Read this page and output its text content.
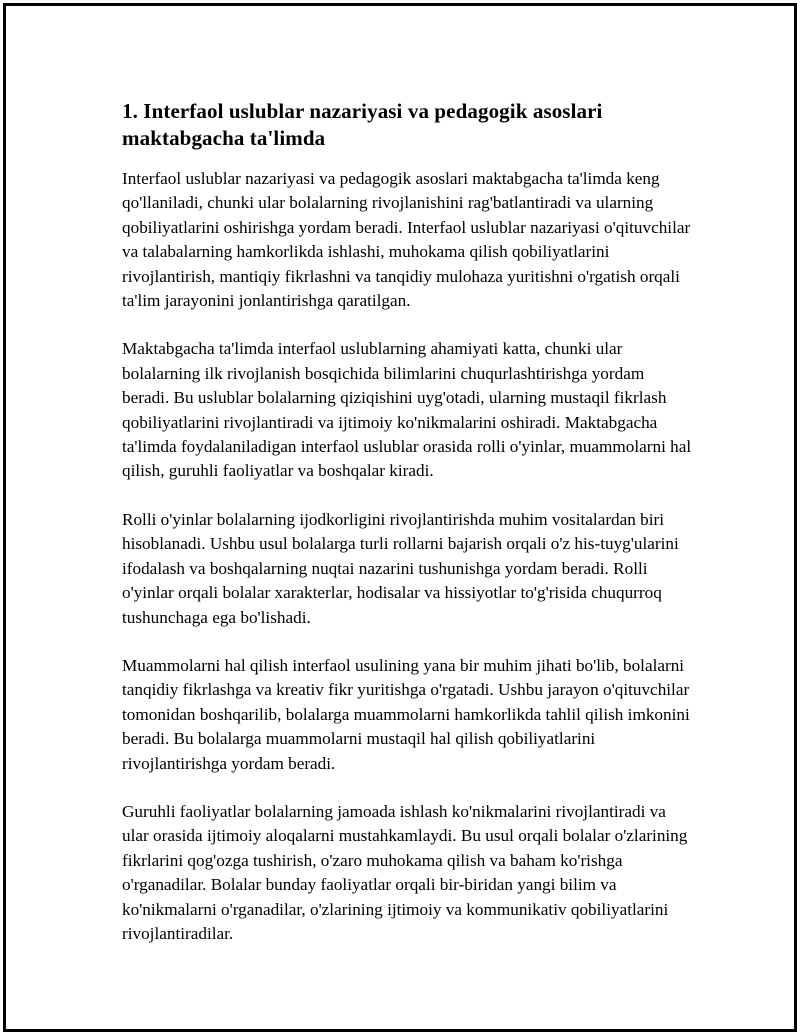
1. Interfaol uslublar nazariyasi va pedagogik asoslari maktabgacha ta'limda

Interfaol uslublar nazariyasi va pedagogik asoslari maktabgacha ta'limda keng qo'llaniladi, chunki ular bolalarning rivojlanishini rag'batlantiradi va ularning qobiliyatlarini oshirishga yordam beradi. Interfaol uslublar nazariyasi o'qituvchilar va talabalarning hamkorlikda ishlashi, muhokama qilish qobiliyatlarini rivojlantirish, mantiqiy fikrlashni va tanqidiy mulohaza yuritishni o'rgatish orqali ta'lim jarayonini jonlantirishga qaratilgan.

Maktabgacha ta'limda interfaol uslublarning ahamiyati katta, chunki ular bolalarning ilk rivojlanish bosqichida bilimlarini chuqurlashtirishga yordam beradi. Bu uslublar bolalarning qiziqishini uyg'otadi, ularning mustaqil fikrlash qobiliyatlarini rivojlantiradi va ijtimoiy ko'nikmalarini oshiradi. Maktabgacha ta'limda foydalaniladigan interfaol uslublar orasida rolli o'yinlar, muammolarni hal qilish, guruhli faoliyatlar va boshqalar kiradi.

Rolli o'yinlar bolalarning ijodkorligini rivojlantirishda muhim vositalardan biri hisoblanadi. Ushbu usul bolalarga turli rollarni bajarish orqali o'z his-tuyg'ularini ifodalash va boshqalarning nuqtai nazarini tushunishga yordam beradi. Rolli o'yinlar orqali bolalar xarakterlar, hodisalar va hissiyotlar to'g'risida chuqurroq tushunchaga ega bo'lishadi.

Muammolarni hal qilish interfaol usulining yana bir muhim jihati bo'lib, bolalarni tanqidiy fikrlashga va kreativ fikr yuritishga o'rgatadi. Ushbu jarayon o'qituvchilar tomonidan boshqarilib, bolalarga muammolarni hamkorlikda tahlil qilish imkonini beradi. Bu bolalarga muammolarni mustaqil hal qilish qobiliyatlarini rivojlantirishga yordam beradi.

Guruhli faoliyatlar bolalarning jamoada ishlash ko'nikmalarini rivojlantiradi va ular orasida ijtimoiy aloqalarni mustahkamlaydi. Bu usul orqali bolalar o'zlarining fikrlarini qog'ozga tushirish, o'zaro muhokama qilish va baham ko'rishga o'rganadilar. Bolalar bunday faoliyatlar orqali bir-biridan yangi bilim va ko'nikmalarni o'rganadilar, o'zlarining ijtimoiy va kommunikativ qobiliyatlarini rivojlantiradilar.
